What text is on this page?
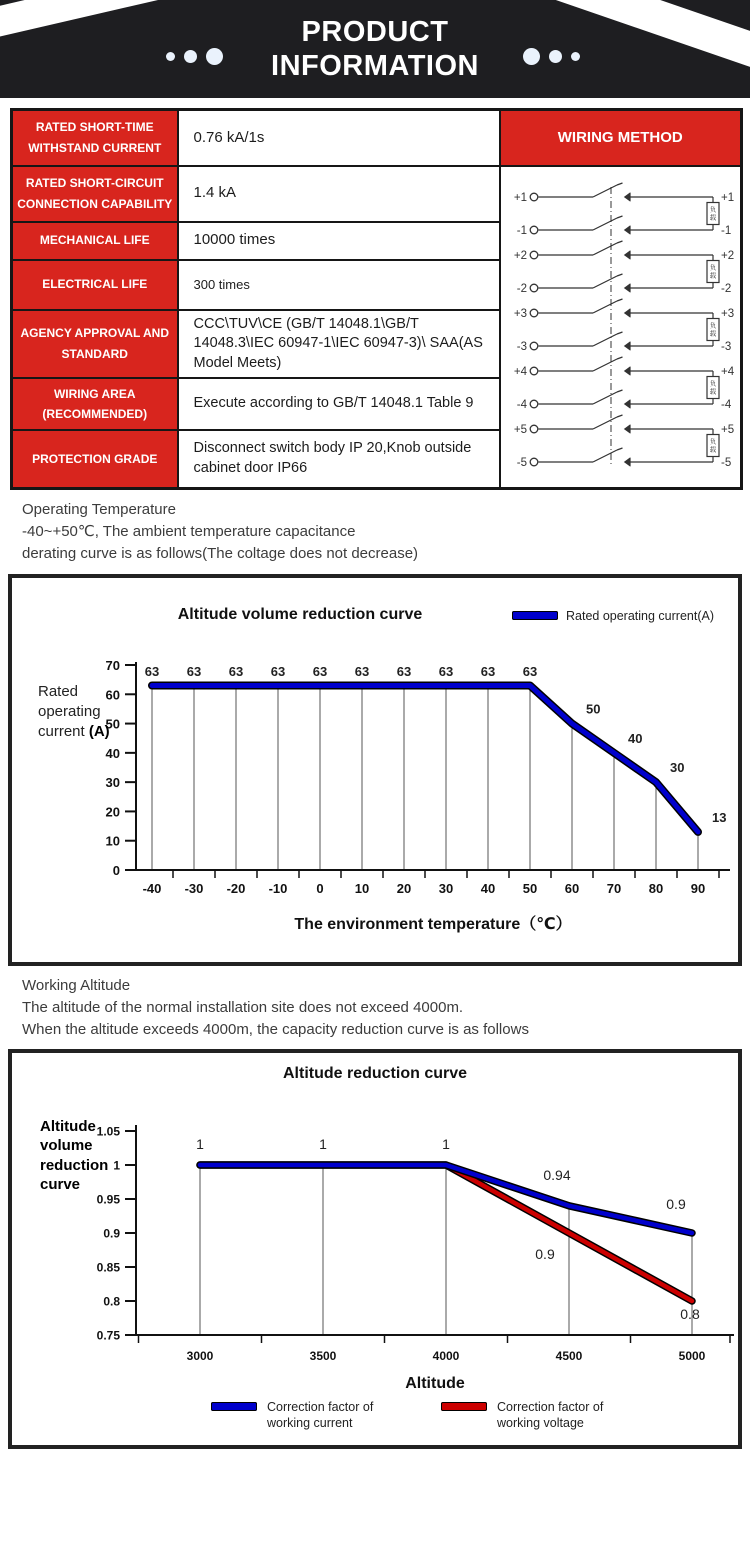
PRODUCT
INFORMATION
RATED SHORT-TIME WITHSTAND CURRENT	0.76 kA/1s	WIRING METHOD
RATED SHORT-CIRCUIT CONNECTION CAPABILITY	1.4 kA	+1	+1
-1	-1
负
载
+2	+2
-2	-2
负
载
+3	+3
-3	-3
负
载
+4	+4
-4	-4
负
载
+5	+5
-5	-5
负
载

MECHANICAL LIFE	10000 times	
ELECTRICAL LIFE	300 times	
AGENCY APPROVAL AND STANDARD	CCC\TUV\CE (GB/T 14048.1\GB/T 14048.3\IEC 60947-1\IEC 60947-3)\ SAA(AS Model Meets)	
WIRING AREA (RECOMMENDED)	Execute according to GB/T 14048.1 Table 9	
PROTECTION GRADE	Disconnect switch body IP 20,Knob outside cabinet door IP66	
Operating Temperature
-40~+50℃, The ambient temperature capacitance
derating curve is as follows(The coltage does not decrease)
Altitude volume reduction curve	Rated operating current(A)
Rated operating current (A)
0
10
20
30
40
50
60
70
-40 -30 -20 -10 0 10 20 30 40 50 60 70 80 90
63 63 63 63 63 63 63 63 63 63
50
40
30
13
The environment temperature（℃）
Working Altitude
The altitude of the normal installation site does not exceed 4000m.
When the altitude exceeds 4000m, the capacity reduction curve is as follows
Altitude reduction curve
Altitude volume reduction curve
1.05
1
0.95
0.9
0.85
0.8
0.75
3000	3500	4000	4500	5000
1	1	1
0.94
0.9
0.9
0.8
Altitude
Correction factor of working current
Correction factor of working voltage
